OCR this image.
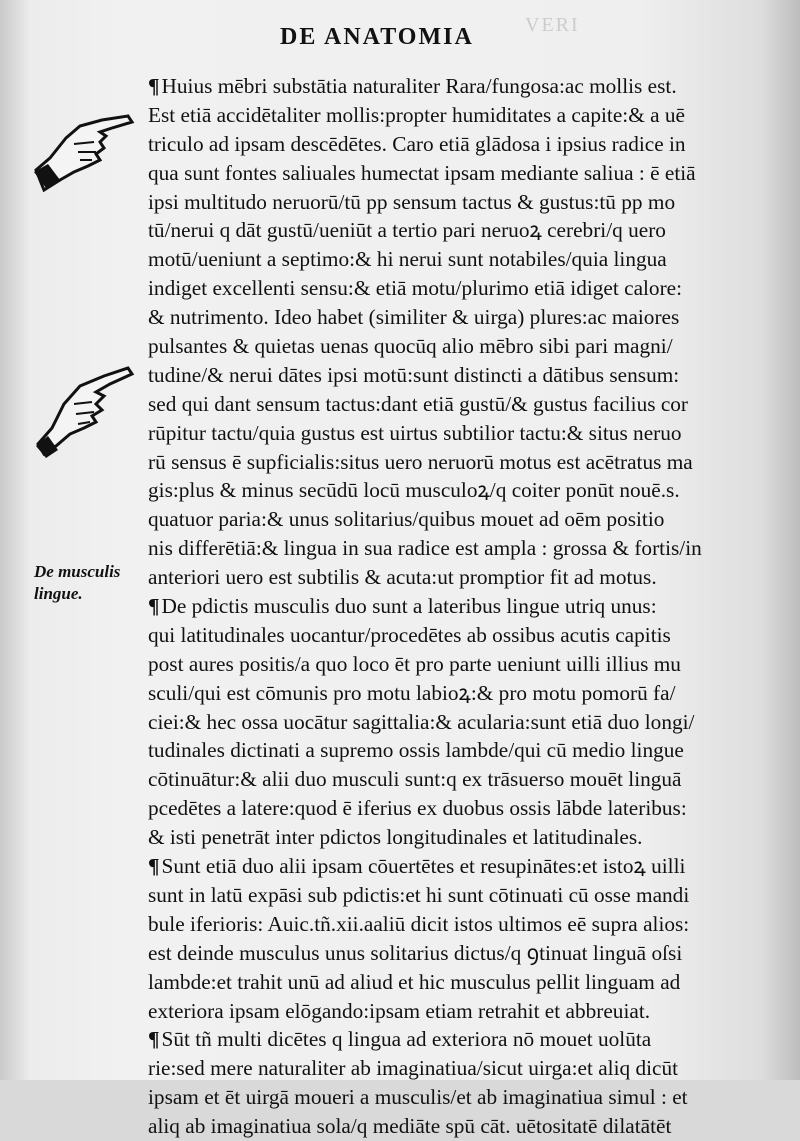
VERI
DE ANATOMIA
De musculis
lingue.
¶Huius mēbri substātia naturaliter Rara/fungosa:ac mollis est.
Est etiā accidētaliter mollis:propter humiditates a capite:& a uē
triculo ad ipsam descēdētes. Caro etiā glādosa i ipsius radice in
qua sunt fontes saliuales humectat ipsam mediante saliua : ē etiā
ipsi multitudo neruorū/tū pp sensum tactus & gustus:tū pp mo
tū/nerui q dāt gustū/ueniūt a tertio pari neruoꝝ cerebri/q uero
motū/ueniunt a septimo:& hi nerui sunt notabiles/quia lingua
indiget excellenti sensu:& etiā motu/plurimo etiā idiget calore:
& nutrimento. Ideo habet (similiter & uirga) plures:ac maiores
pulsantes & quietas uenas quocūq alio mēbro sibi pari magni/
tudine/& nerui dātes ipsi motū:sunt distincti a dātibus sensum:
sed qui dant sensum tactus:dant etiā gustū/& gustus facilius cor
rūpitur tactu/quia gustus est uirtus subtilior tactu:& situs neruo
rū sensus ē supficialis:situs uero neruorū motus est acētratus ma
gis:plus & minus secūdū locū musculoꝝ/q coiter ponūt nouē.s.
quatuor paria:& unus solitarius/quibus mouet ad oēm positio
nis differētiā:& lingua in sua radice est ampla : grossa & fortis/in
anteriori uero est subtilis & acuta:ut promptior fit ad motus.
¶De pdictis musculis duo sunt a lateribus lingue utriq unus:
qui latitudinales uocantur/procedētes ab ossibus acutis capitis
post aures positis/a quo loco ēt pro parte ueniunt uilli illius mu
sculi/qui est cōmunis pro motu labioꝝ:& pro motu pomorū fa/
ciei:& hec ossa uocātur sagittalia:& acularia:sunt etiā duo longi/
tudinales dictinati a supremo ossis lambde/qui cū medio lingue
cōtinuātur:& alii duo musculi sunt:q ex trāsuerso mouēt linguā
pcedētes a latere:quod ē iferius ex duobus ossis lābde lateribus:
& isti penetrāt inter pdictos longitudinales et latitudinales.
¶Sunt etiā duo alii ipsam cōuertētes et resupinātes:et istoꝝ uilli
sunt in latū expāsi sub pdictis:et hi sunt cōtinuati cū osse mandi
bule iferioris: Auic.tñ.xii.aaliū dicit istos ultimos eē supra alios:
est deinde musculus unus solitarius dictus/q ꝯtinuat linguā oſsi
lambde:et trahit unū ad aliud et hic musculus pellit linguam ad
exteriora ipsam elōgando:ipsam etiam retrahit et abbreuiat.
¶Sūt tñ multi dicētes q lingua ad exteriora nō mouet uolūta
rie:sed mere naturaliter ab imaginatiua/sicut uirga:et aliq dicūt
ipsam et ēt uirgā moueri a musculis/et ab imaginatiua simul : et
aliq ab imaginatiua sola/q mediāte spū cāt. uētositatē dilatātēt
